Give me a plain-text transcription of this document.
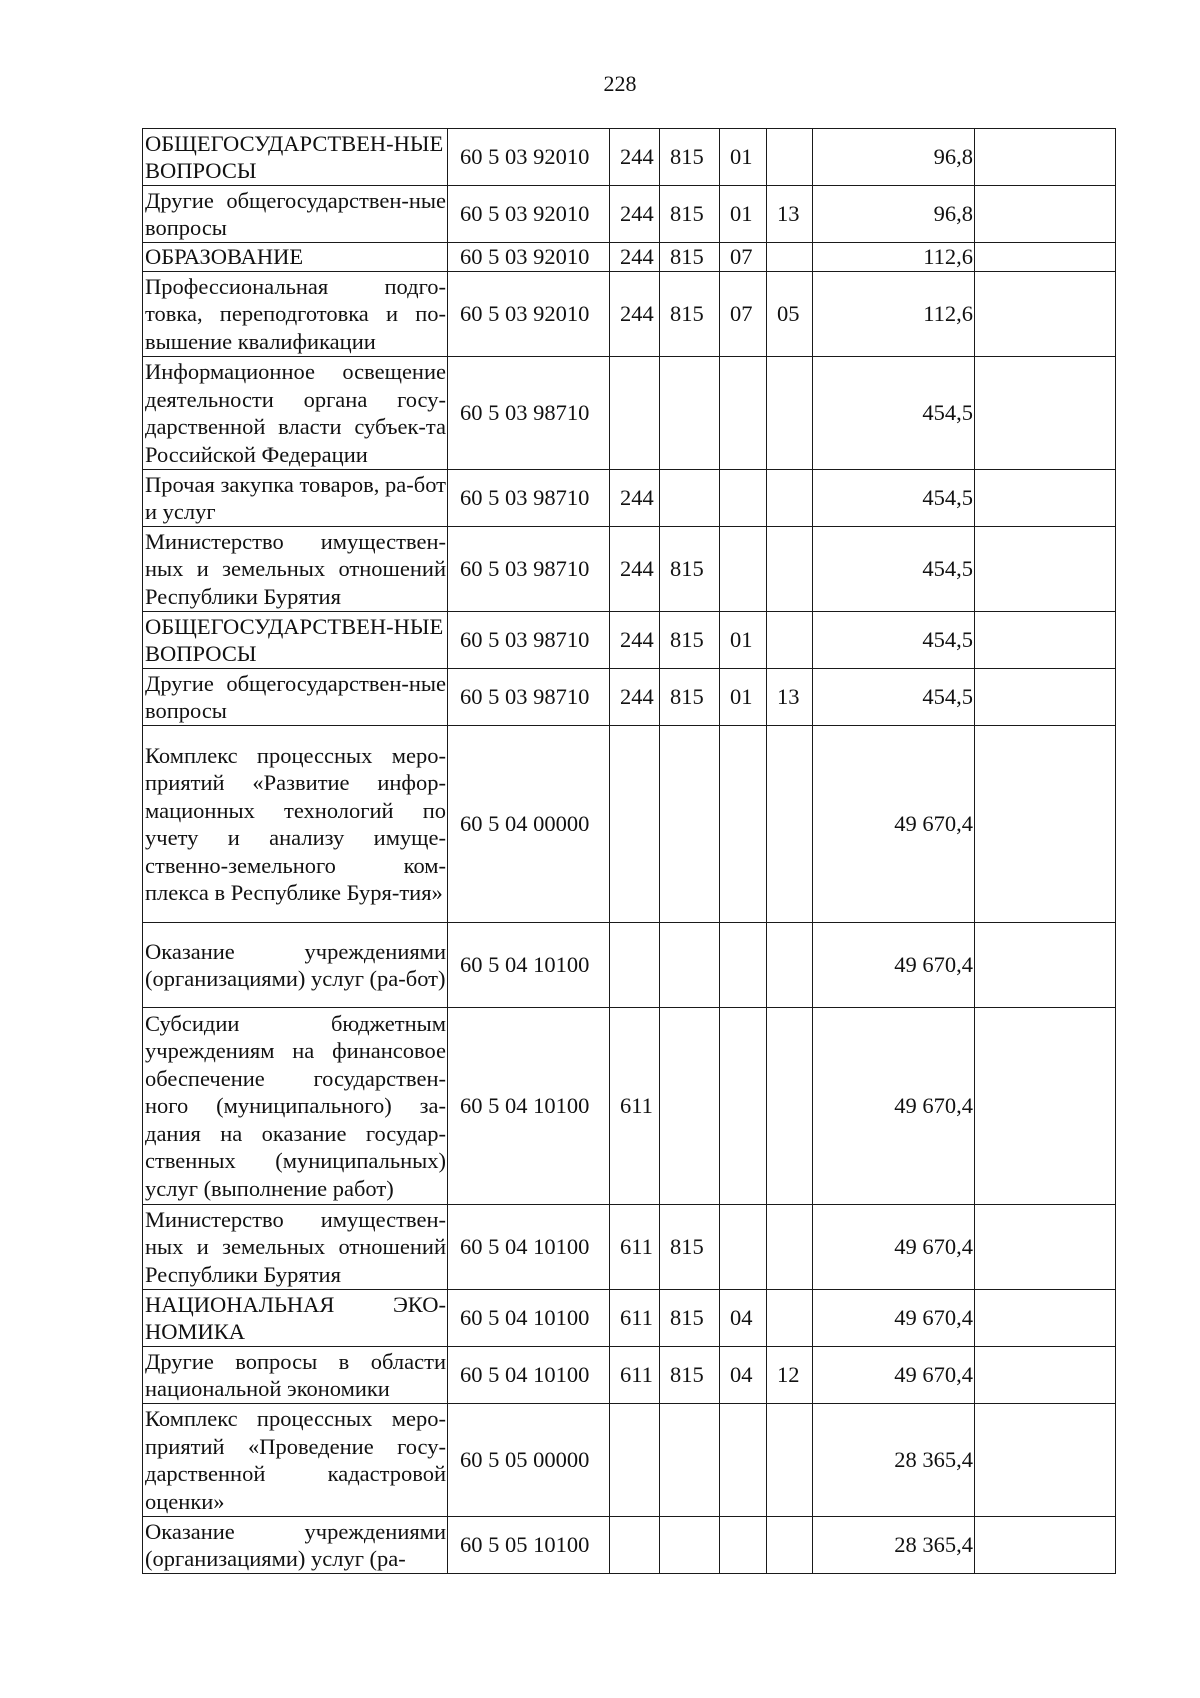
228
ОБЩЕГОСУДАРСТВЕН-НЫЕ ВОПРОСЫ	60 5 03 92010	244	815	01		96,8	
Другие общегосударствен-ные вопросы	60 5 03 92010	244	815	01	13	96,8	
ОБРАЗОВАНИЕ	60 5 03 92010	244	815	07		112,6	
Профессиональная подго-товка, переподготовка и по-вышение квалификации	60 5 03 92010	244	815	07	05	112,6	
Информационное освещение деятельности органа госу-дарственной власти субъек-та Российской Федерации	60 5 03 98710					454,5	
Прочая закупка товаров, ра-бот и услуг	60 5 03 98710	244				454,5	
Министерство имуществен-ных и земельных отношений Республики Бурятия	60 5 03 98710	244	815			454,5	
ОБЩЕГОСУДАРСТВЕН-НЫЕ ВОПРОСЫ	60 5 03 98710	244	815	01		454,5	
Другие общегосударствен-ные вопросы	60 5 03 98710	244	815	01	13	454,5	
Комплекс процессных меро-приятий «Развитие инфор-мационных технологий по учету и анализу имуще-ственно-земельного ком-плекса в Республике Буря-тия»	60 5 04 00000					49 670,4	
Оказание учреждениями (организациями) услуг (ра-бот)	60 5 04 10100					49 670,4	
Субсидии бюджетным учреждениям на финансовое обеспечение государствен-ного (муниципального) за-дания на оказание государ-ственных (муниципальных) услуг (выполнение работ)	60 5 04 10100	611				49 670,4	
Министерство имуществен-ных и земельных отношений Республики Бурятия	60 5 04 10100	611	815			49 670,4	
НАЦИОНАЛЬНАЯ ЭКО-НОМИКА	60 5 04 10100	611	815	04		49 670,4	
Другие вопросы в области национальной экономики	60 5 04 10100	611	815	04	12	49 670,4	
Комплекс процессных меро-приятий «Проведение госу-дарственной кадастровой оценки»	60 5 05 00000					28 365,4	
Оказание учреждениями (организациями) услуг (ра-	60 5 05 10100					28 365,4	
